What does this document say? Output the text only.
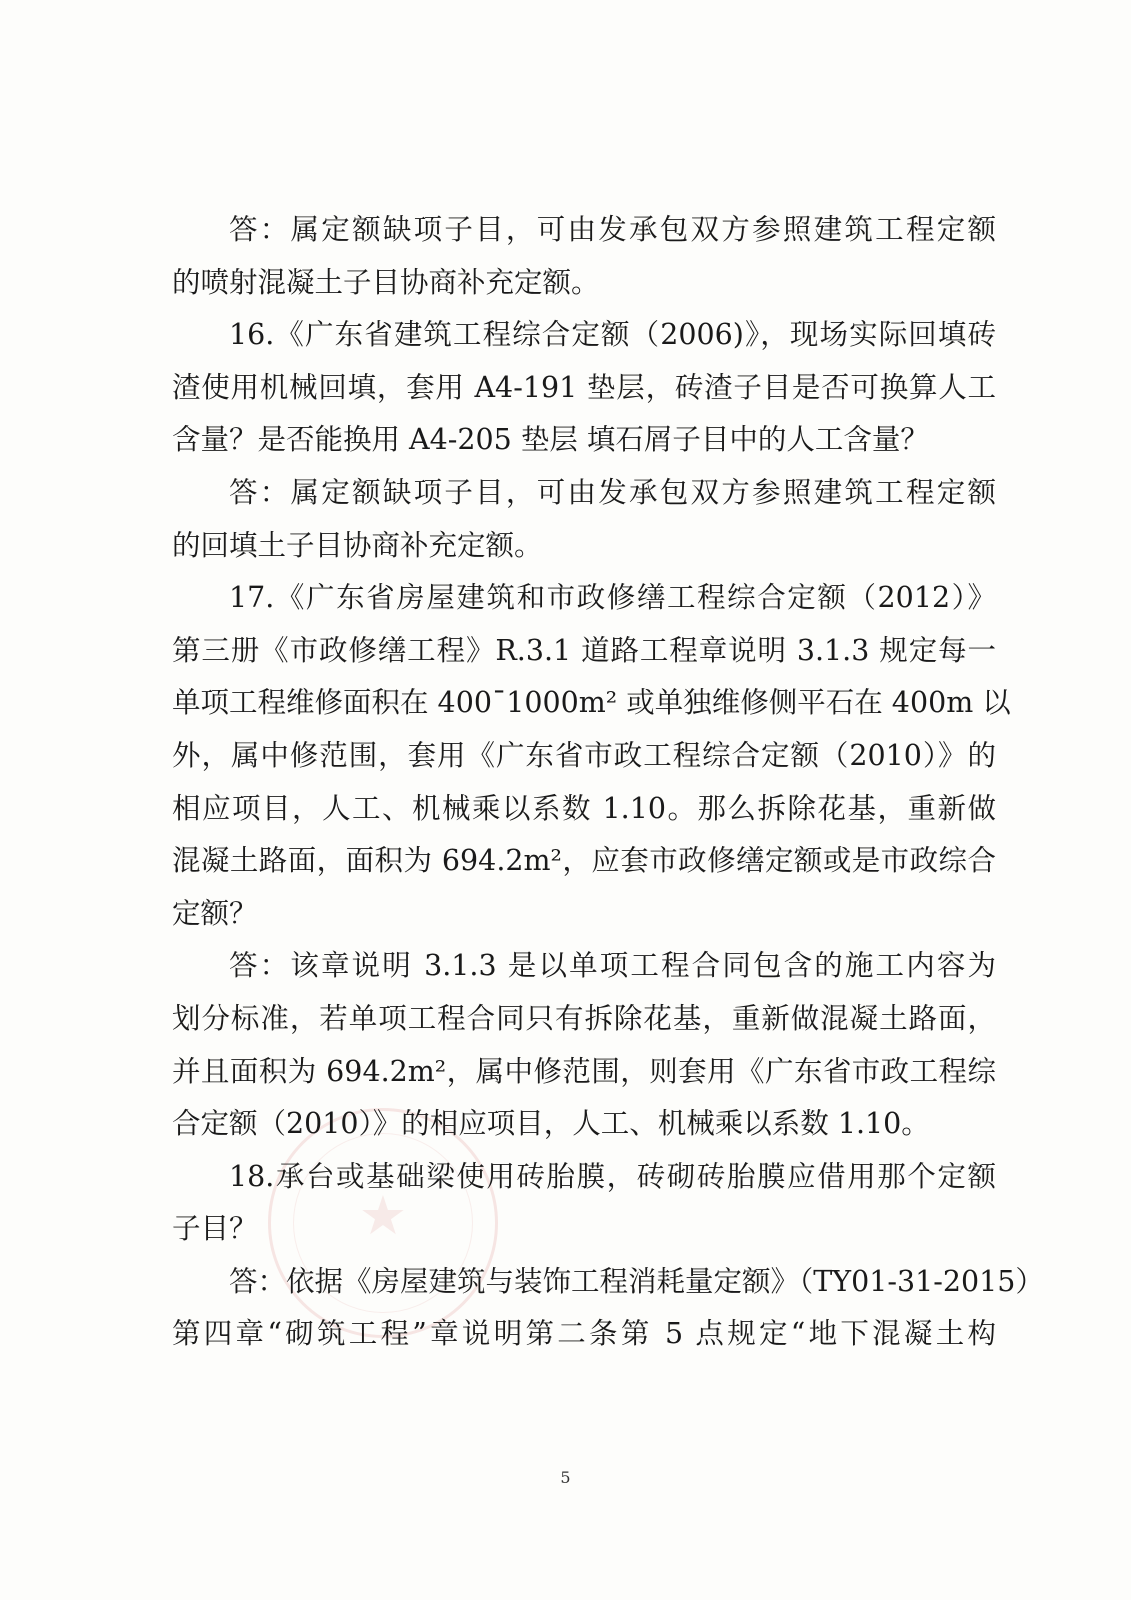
★
答：属定额缺项子目，可由发承包双方参照建筑工程定额
的喷射混凝土子目协商补充定额。
16.《广东省建筑工程综合定额（2006)》，现场实际回填砖
渣使用机械回填，套用 A4-191 垫层，砖渣子目是否可换算人工
含量？是否能换用 A4-205 垫层 填石屑子目中的人工含量？
答：属定额缺项子目，可由发承包双方参照建筑工程定额
的回填土子目协商补充定额。
17.《广东省房屋建筑和市政修缮工程综合定额（2012）》
第三册《市政修缮工程》R.3.1 道路工程章说明 3.1.3 规定每一
单项工程维修面积在 400¯1000m² 或单独维修侧平石在 400m 以
外，属中修范围，套用《广东省市政工程综合定额（2010）》的
相应项目，人工、机械乘以系数 1.10。那么拆除花基，重新做
混凝土路面，面积为 694.2m²，应套市政修缮定额或是市政综合
定额？
答：该章说明 3.1.3 是以单项工程合同包含的施工内容为
划分标准，若单项工程合同只有拆除花基，重新做混凝土路面，
并且面积为 694.2m²，属中修范围，则套用《广东省市政工程综
合定额（2010）》的相应项目，人工、机械乘以系数 1.10。
18.承台或基础梁使用砖胎膜，砖砌砖胎膜应借用那个定额
子目？
答：依据《房屋建筑与装饰工程消耗量定额》（TY01-31-2015）
第四章“砌筑工程”章说明第二条第 5 点规定“地下混凝土构
5
